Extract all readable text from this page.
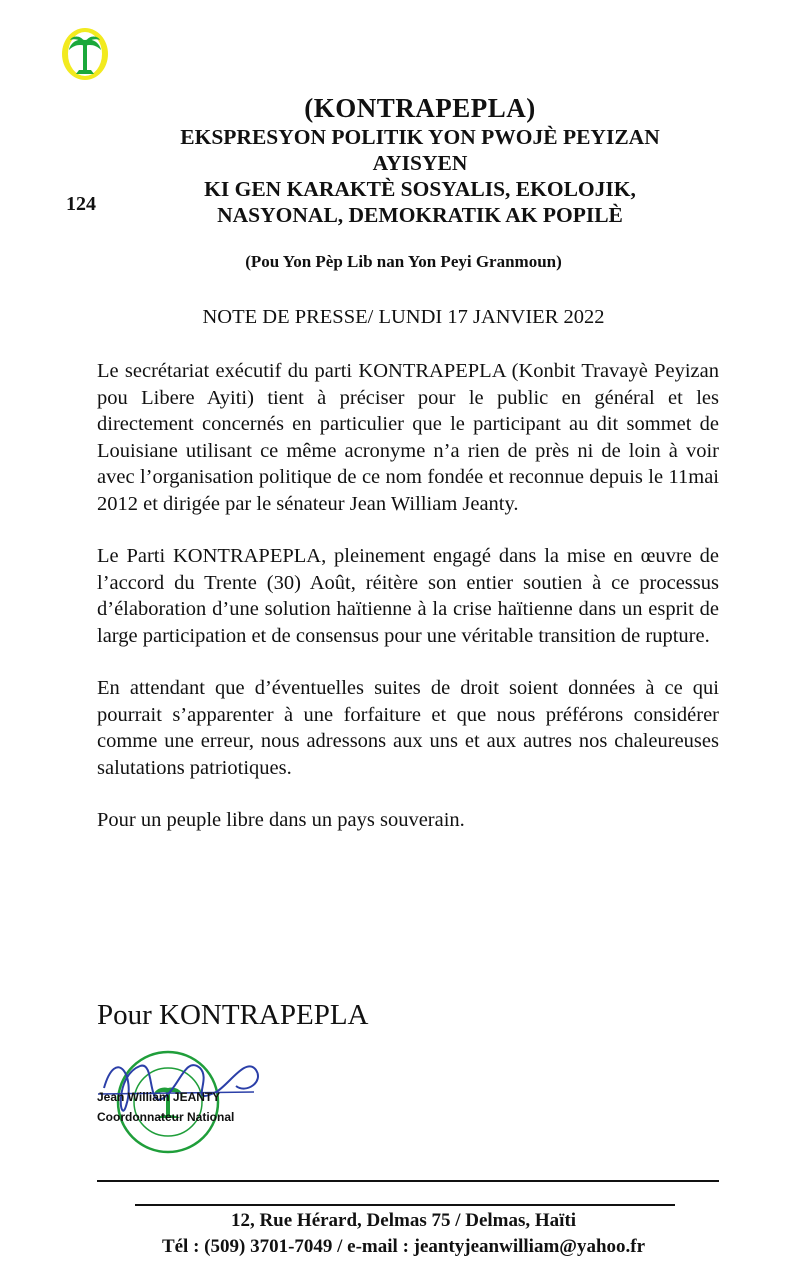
124
(KONTRAPEPLA)
EKSPRESYON POLITIK YON PWOJÈ PEYIZAN
AYISYEN
KI GEN KARAKTÈ SOSYALIS, EKOLOJIK,
NASYONAL, DEMOKRATIK AK POPILÈ
(Pou Yon Pèp Lib nan Yon Peyi Granmoun)
NOTE DE PRESSE/ LUNDI 17 JANVIER 2022

Le secrétariat exécutif du parti KONTRAPEPLA (Konbit Travayè Peyizan pou Libere Ayiti) tient à préciser pour le public en général et les directement concernés en particulier que le participant au dit sommet de Louisiane utilisant ce même acronyme n’a rien de près ni de loin à voir avec l’organisation politique de ce nom fondée et reconnue depuis le 11mai 2012 et dirigée par le sénateur Jean William Jeanty.

Le Parti KONTRAPEPLA, pleinement engagé dans la mise en œuvre de l’accord du Trente (30) Août, réitère son entier soutien à ce processus d’élaboration d’une solution haïtienne à la crise haïtienne dans un esprit de large participation et de consensus pour une véritable transition de rupture.

En attendant que d’éventuelles suites de droit soient données à ce qui pourrait s’apparenter à une forfaiture et que nous préférons considérer comme une erreur, nous adressons aux uns et aux autres nos chaleureuses salutations patriotiques.

Pour un peuple libre dans un pays souverain.

Pour KONTRAPEPLA
Jean William JEANTY
Coordonnateur National
12, Rue Hérard, Delmas 75 / Delmas, Haïti
Tél : (509) 3701-7049 / e-mail : jeantyjeanwilliam@yahoo.fr
